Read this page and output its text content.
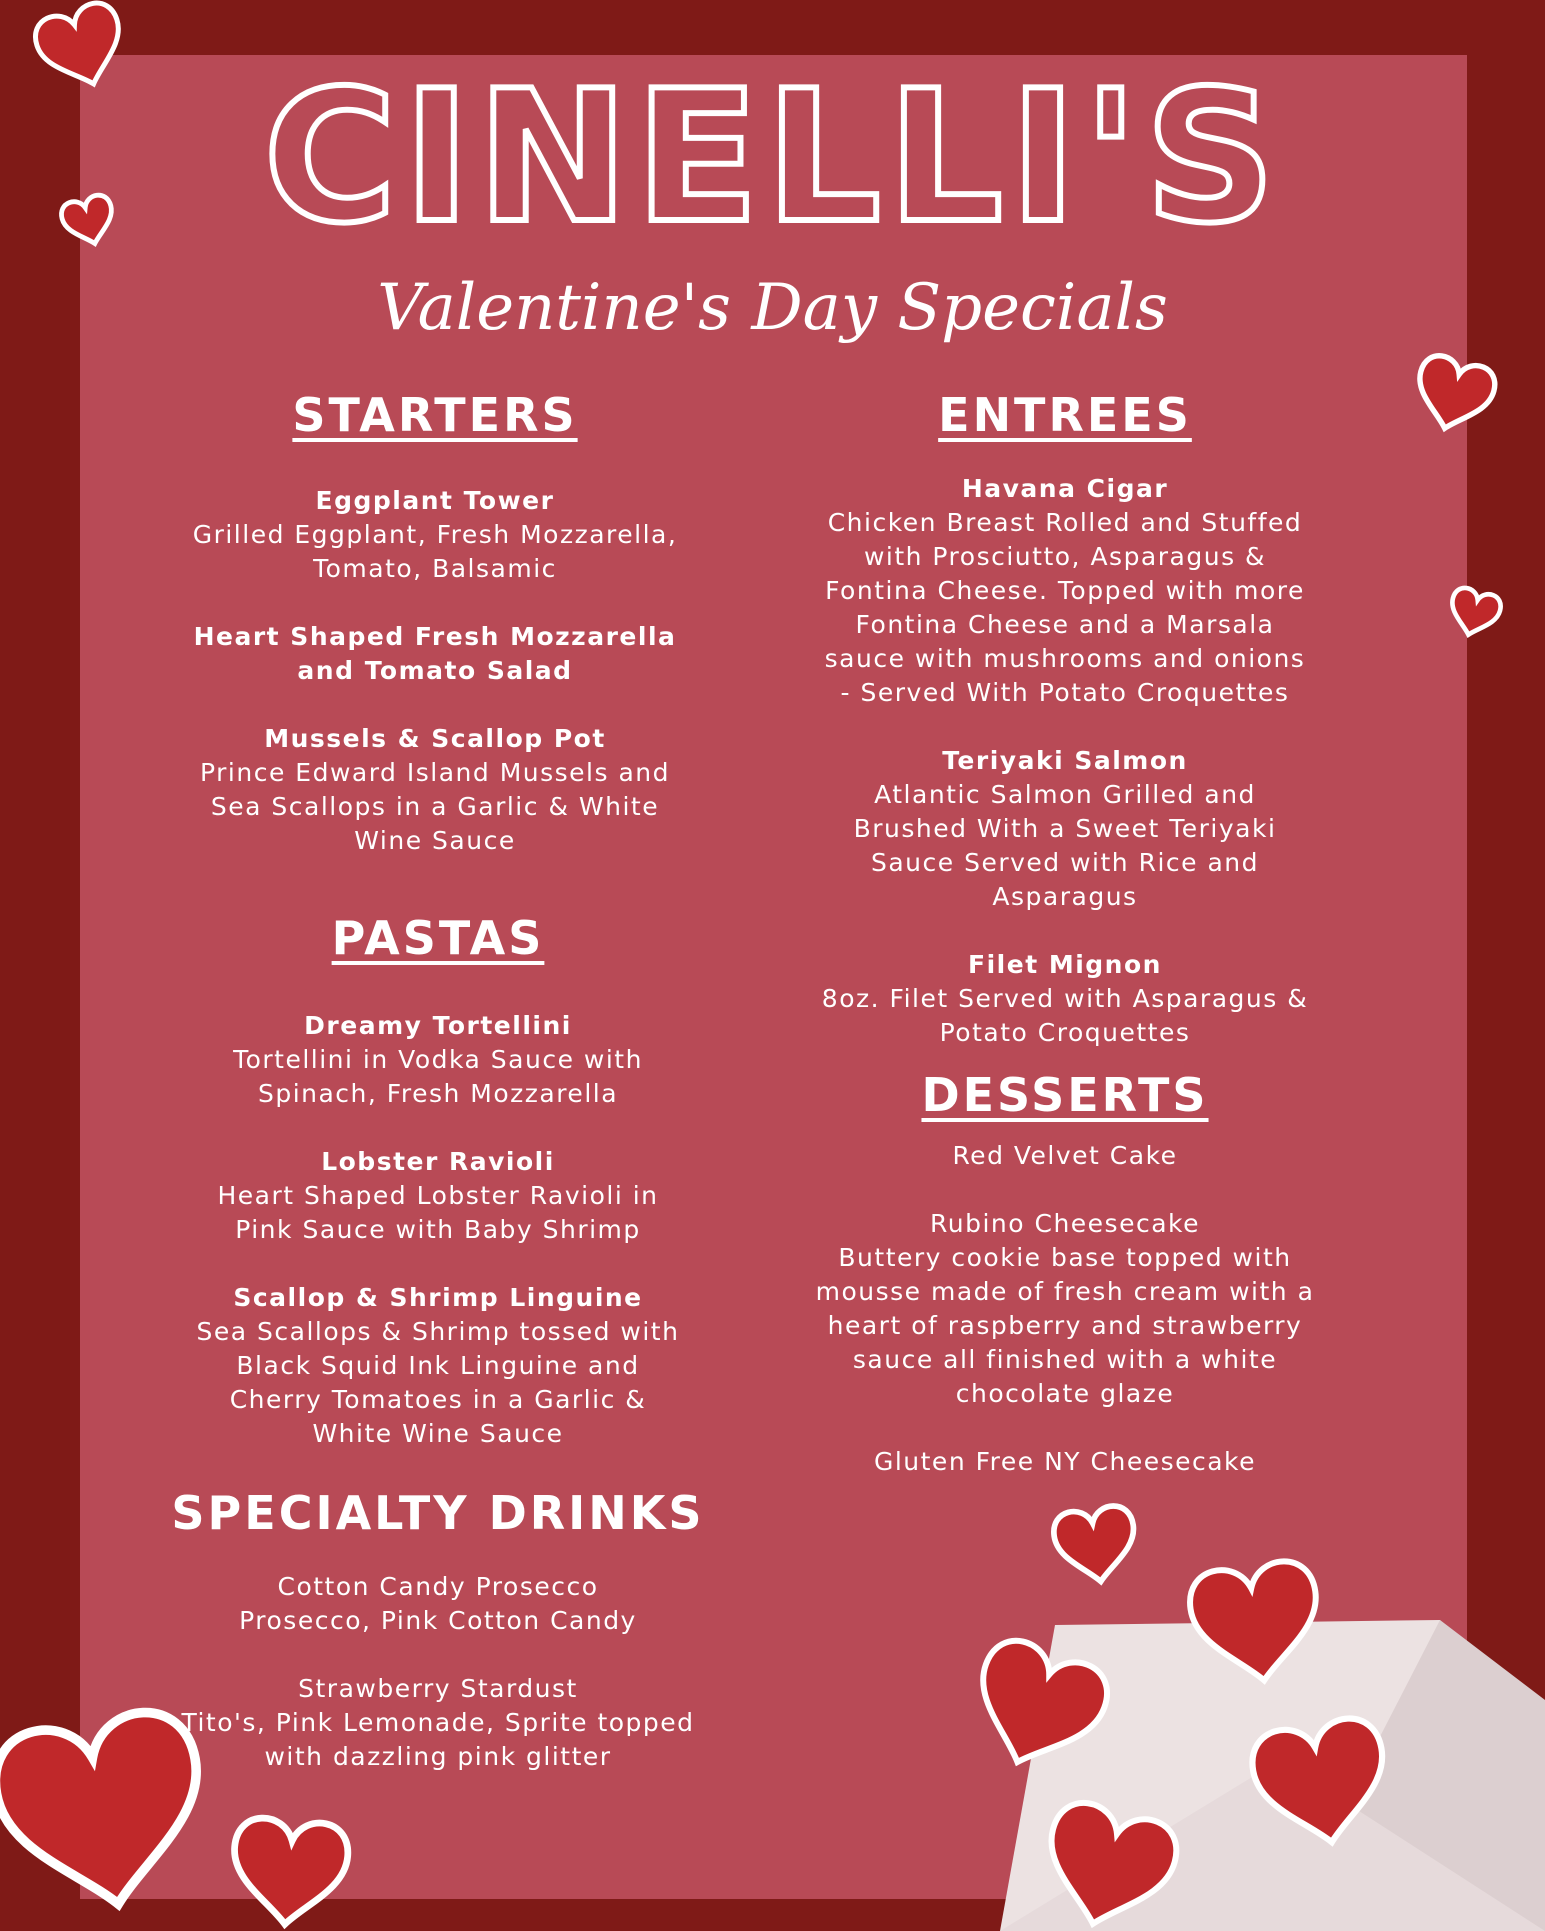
CINELLI'S
Valentine's Day Specials
STARTERS
Eggplant Tower
Grilled Eggplant, Fresh Mozzarella,
Tomato, Balsamic
Heart Shaped Fresh Mozzarella
and Tomato Salad
Mussels & Scallop Pot
Prince Edward Island Mussels and
Sea Scallops in a Garlic & White
Wine Sauce
PASTAS
Dreamy Tortellini
Tortellini in Vodka Sauce with
Spinach, Fresh Mozzarella
Lobster Ravioli
Heart Shaped Lobster Ravioli in
Pink Sauce with Baby Shrimp
Scallop & Shrimp Linguine
Sea Scallops & Shrimp tossed with
Black Squid Ink Linguine and
Cherry Tomatoes in a Garlic &
White Wine Sauce
SPECIALTY DRINKS
Cotton Candy Prosecco
Prosecco, Pink Cotton Candy
Strawberry Stardust
Tito's, Pink Lemonade, Sprite topped
with dazzling pink glitter
ENTREES
Havana Cigar
Chicken Breast Rolled and Stuffed
with Prosciutto, Asparagus &
Fontina Cheese. Topped with more
Fontina Cheese and a Marsala
sauce with mushrooms and onions
- Served With Potato Croquettes
Teriyaki Salmon
Atlantic Salmon Grilled and
Brushed With a Sweet Teriyaki
Sauce Served with Rice and
Asparagus
Filet Mignon
8oz. Filet Served with Asparagus &
Potato Croquettes
DESSERTS
Red Velvet Cake
Rubino Cheesecake
Buttery cookie base topped with
mousse made of fresh cream with a
heart of raspberry and strawberry
sauce all finished with a white
chocolate glaze
Gluten Free NY Cheesecake
